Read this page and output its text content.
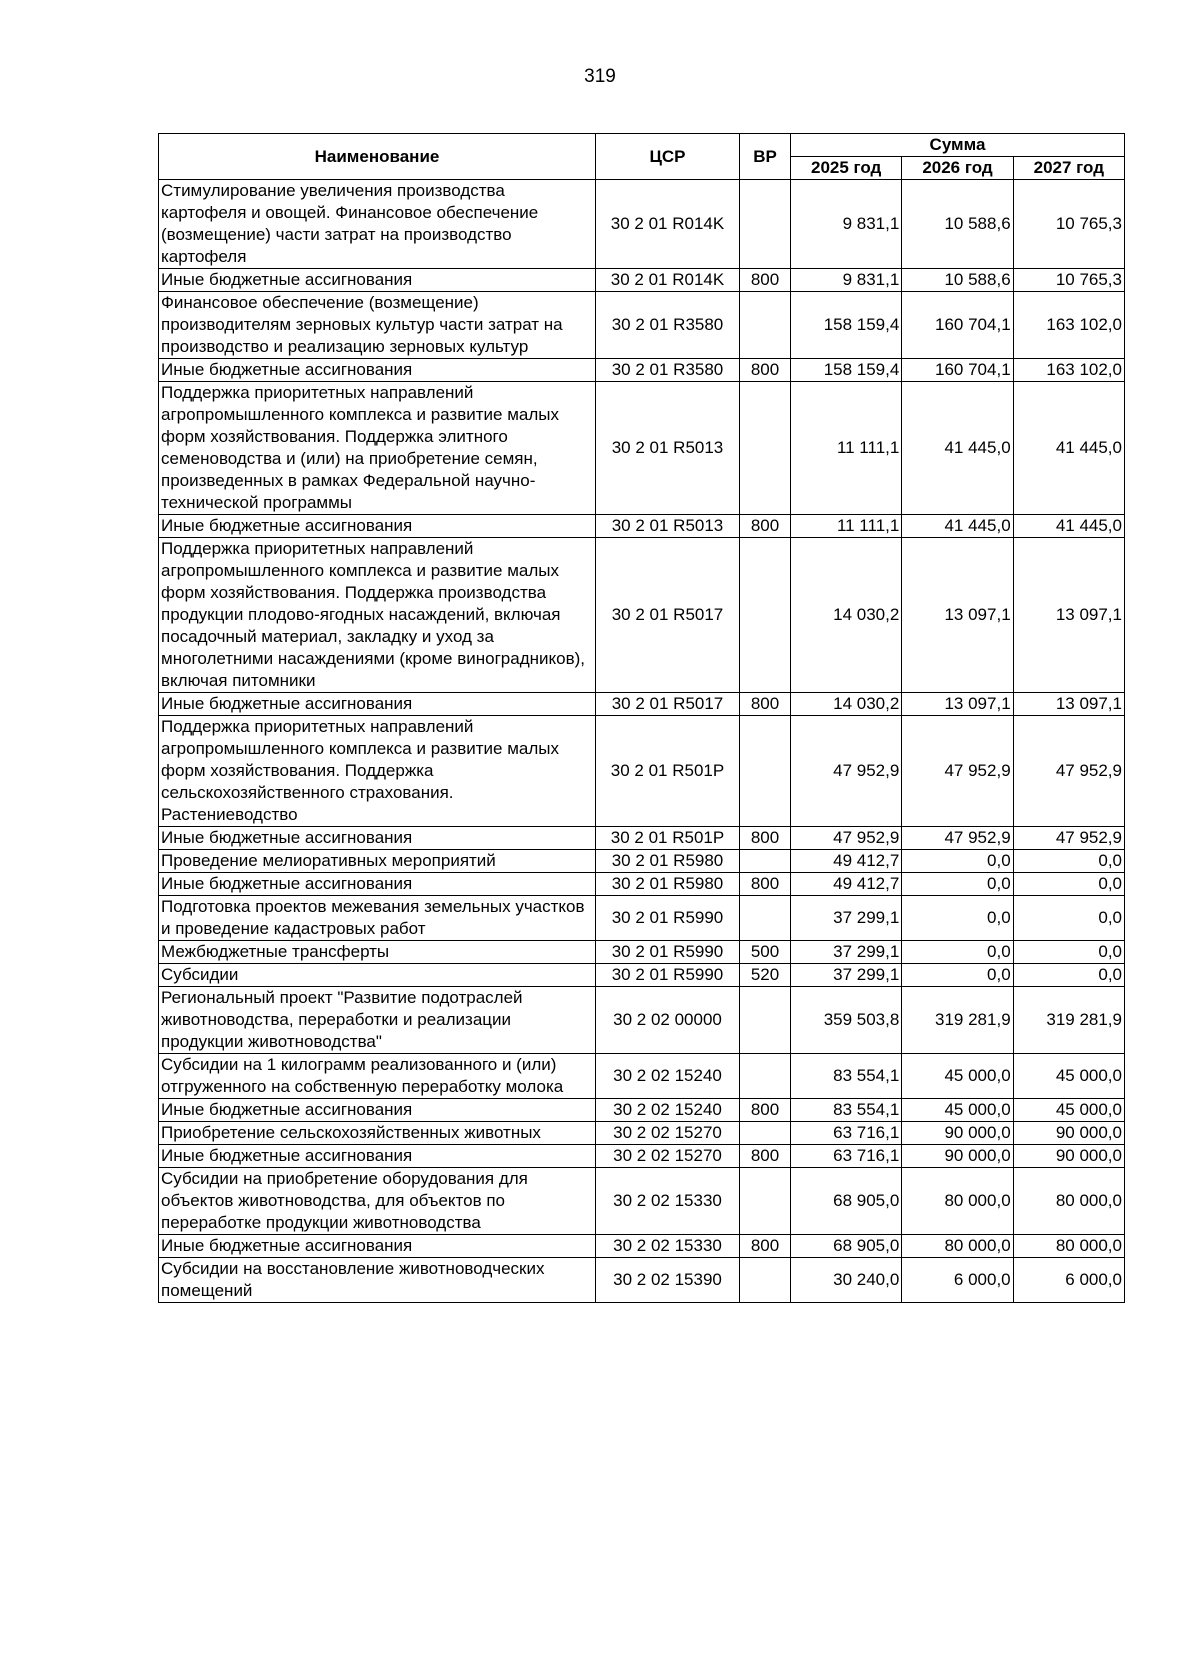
319
Наименование	ЦСР	ВР	Сумма		
			2025 год	2026 год	2027 год
Стимулирование увеличения производства картофеля и овощей. Финансовое обеспечение (возмещение) части затрат на производство картофеля	30 2 01 R014K		9 831,1	10 588,6	10 765,3
Иные бюджетные ассигнования	30 2 01 R014K	800	9 831,1	10 588,6	10 765,3
Финансовое обеспечение (возмещение) производителям зерновых культур части затрат на производство и реализацию зерновых культур	30 2 01 R3580		158 159,4	160 704,1	163 102,0
Иные бюджетные ассигнования	30 2 01 R3580	800	158 159,4	160 704,1	163 102,0
Поддержка приоритетных направлений агропромышленного комплекса и развитие малых форм хозяйствования. Поддержка элитного семеноводства и (или) на приобретение семян, произведенных в рамках Федеральной научно-технической программы	30 2 01 R5013		11 111,1	41 445,0	41 445,0
Иные бюджетные ассигнования	30 2 01 R5013	800	11 111,1	41 445,0	41 445,0
Поддержка приоритетных направлений агропромышленного комплекса и развитие малых форм хозяйствования. Поддержка производства продукции плодово-ягодных насаждений, включая посадочный материал, закладку и уход за многолетними насаждениями (кроме виноградников), включая питомники	30 2 01 R5017		14 030,2	13 097,1	13 097,1
Иные бюджетные ассигнования	30 2 01 R5017	800	14 030,2	13 097,1	13 097,1
Поддержка приоритетных направлений агропромышленного комплекса и развитие малых форм хозяйствования. Поддержка сельскохозяйственного страхования. Растениеводство	30 2 01 R501P		47 952,9	47 952,9	47 952,9
Иные бюджетные ассигнования	30 2 01 R501P	800	47 952,9	47 952,9	47 952,9
Проведение мелиоративных мероприятий	30 2 01 R5980		49 412,7	0,0	0,0
Иные бюджетные ассигнования	30 2 01 R5980	800	49 412,7	0,0	0,0
Подготовка проектов межевания земельных участков и проведение кадастровых работ	30 2 01 R5990		37 299,1	0,0	0,0
Межбюджетные трансферты	30 2 01 R5990	500	37 299,1	0,0	0,0
Субсидии	30 2 01 R5990	520	37 299,1	0,0	0,0
Региональный проект "Развитие подотраслей животноводства, переработки и реализации продукции животноводства"	30 2 02 00000		359 503,8	319 281,9	319 281,9
Субсидии на 1 килограмм реализованного и (или) отгруженного на собственную переработку молока	30 2 02 15240		83 554,1	45 000,0	45 000,0
Иные бюджетные ассигнования	30 2 02 15240	800	83 554,1	45 000,0	45 000,0
Приобретение сельскохозяйственных животных	30 2 02 15270		63 716,1	90 000,0	90 000,0
Иные бюджетные ассигнования	30 2 02 15270	800	63 716,1	90 000,0	90 000,0
Субсидии на приобретение оборудования для объектов животноводства, для объектов по переработке продукции животноводства	30 2 02 15330		68 905,0	80 000,0	80 000,0
Иные бюджетные ассигнования	30 2 02 15330	800	68 905,0	80 000,0	80 000,0
Субсидии на восстановление животноводческих помещений	30 2 02 15390		30 240,0	6 000,0	6 000,0
